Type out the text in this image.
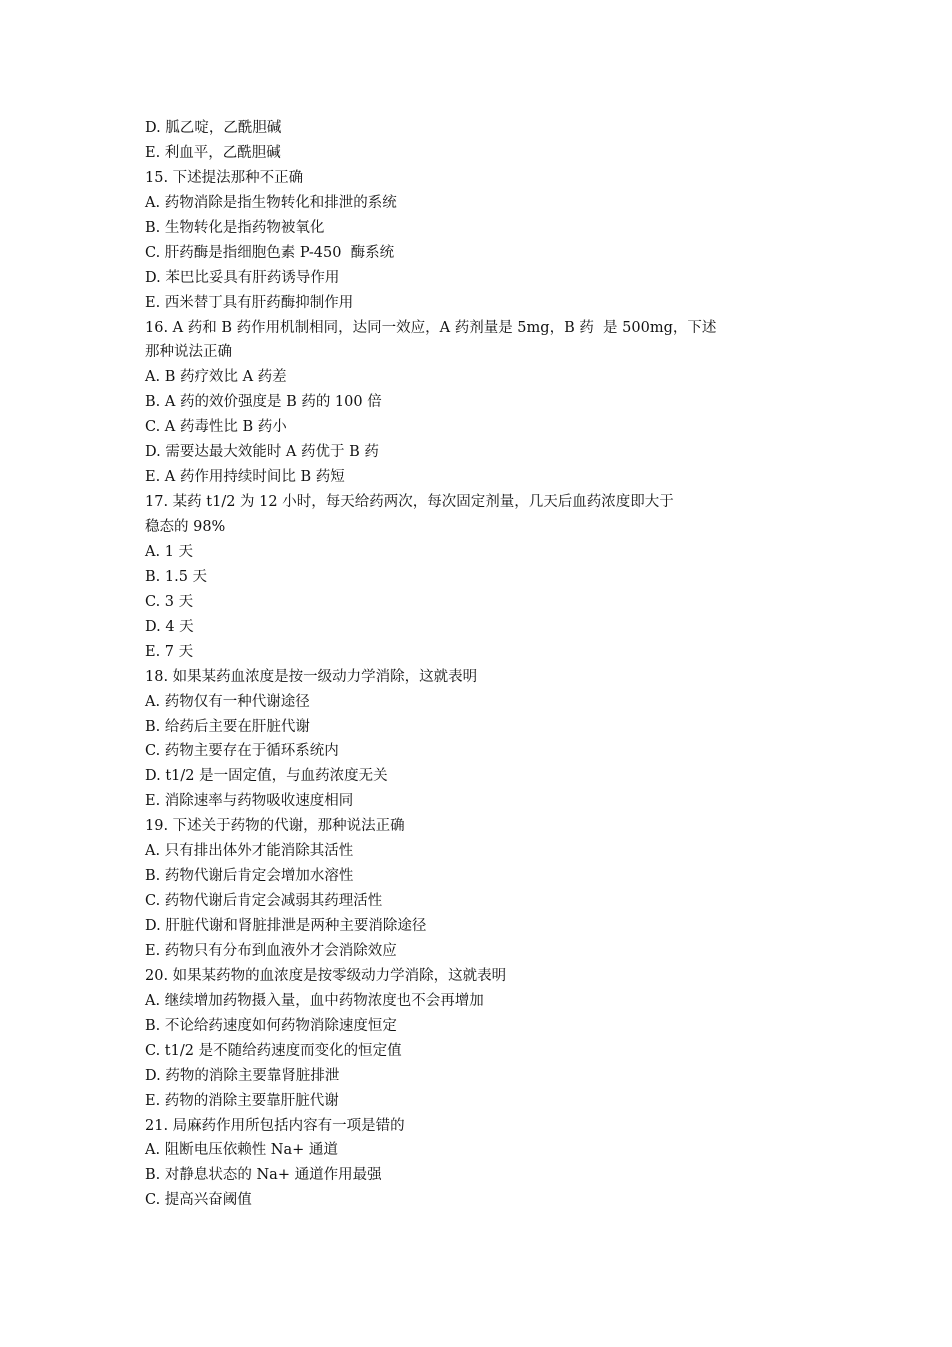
D. 胍乙啶，乙酰胆碱
E. 利血平，乙酰胆碱
15. 下述提法那种不正确
A. 药物消除是指生物转化和排泄的系统
B. 生物转化是指药物被氧化
C. 肝药酶是指细胞色素 P-450  酶系统
D. 苯巴比妥具有肝药诱导作用
E. 西米替丁具有肝药酶抑制作用
16. A 药和 B 药作用机制相同，达同一效应，A 药剂量是 5mg，B 药  是 500mg，下述
那种说法正确
A. B 药疗效比 A 药差
B. A 药的效价强度是 B 药的 100 倍
C. A 药毒性比 B 药小
D. 需要达最大效能时 A 药优于 B 药
E. A 药作用持续时间比 B 药短
17. 某药 t1/2 为 12 小时，每天给药两次，每次固定剂量，几天后血药浓度即大于
稳态的 98%
A. 1 天
B. 1.5 天
C. 3 天
D. 4 天
E. 7 天
18. 如果某药血浓度是按一级动力学消除，这就表明
A. 药物仅有一种代谢途径
B. 给药后主要在肝脏代谢
C. 药物主要存在于循环系统内
D. t1/2 是一固定值，与血药浓度无关
E. 消除速率与药物吸收速度相同
19. 下述关于药物的代谢，那种说法正确
A. 只有排出体外才能消除其活性
B. 药物代谢后肯定会增加水溶性
C. 药物代谢后肯定会减弱其药理活性
D. 肝脏代谢和肾脏排泄是两种主要消除途径
E. 药物只有分布到血液外才会消除效应
20. 如果某药物的血浓度是按零级动力学消除，这就表明
A. 继续增加药物摄入量，血中药物浓度也不会再增加
B. 不论给药速度如何药物消除速度恒定
C. t1/2 是不随给药速度而变化的恒定值
D. 药物的消除主要靠肾脏排泄
E. 药物的消除主要靠肝脏代谢
21. 局麻药作用所包括内容有一项是错的
A. 阻断电压依赖性 Na+ 通道
B. 对静息状态的 Na+ 通道作用最强
C. 提高兴奋阈值
